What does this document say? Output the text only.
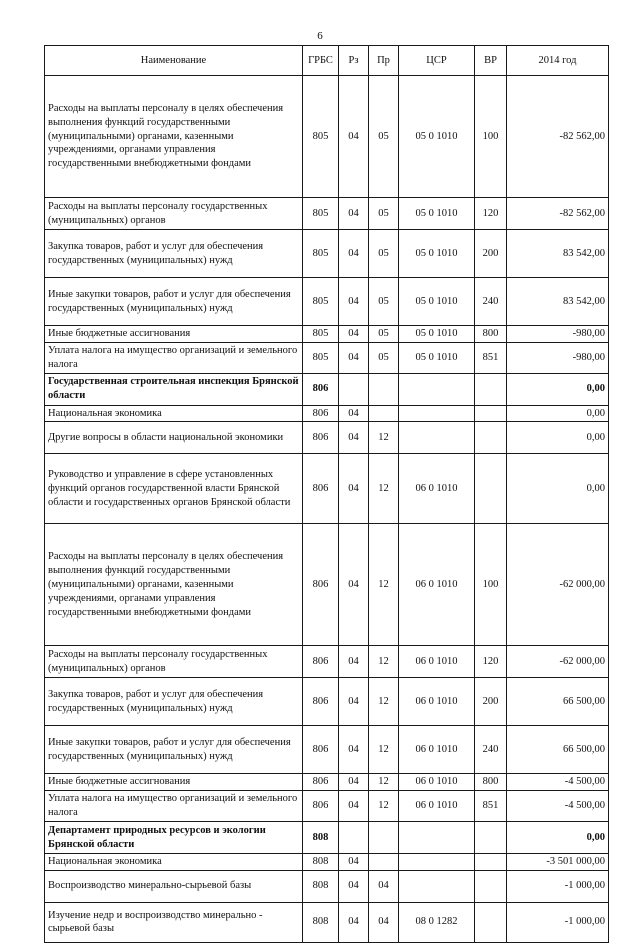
6
Наименование	ГРБС	Рз	Пр	ЦСР	ВР	2014 год
Расходы на выплаты персоналу в целях обеспечения выполнения функций государственными (муниципальными) органами, казенными учреждениями, органами управления государственными внебюджетными фондами	805	04	05	05 0 1010	100	-82 562,00
Расходы на выплаты персоналу государственных (муниципальных) органов	805	04	05	05 0 1010	120	-82 562,00
Закупка товаров, работ и услуг для обеспечения государственных (муниципальных) нужд	805	04	05	05 0 1010	200	83 542,00
Иные закупки товаров, работ и услуг для обеспечения государственных (муниципальных) нужд	805	04	05	05 0 1010	240	83 542,00
Иные бюджетные ассигнования	805	04	05	05 0 1010	800	-980,00
Уплата налога на имущество организаций и земельного налога	805	04	05	05 0 1010	851	-980,00
Государственная строительная инспекция Брянской области	806					0,00
Национальная экономика	806	04				0,00
Другие вопросы в области национальной экономики	806	04	12			0,00
Руководство и управление в сфере установленных функций органов государственной власти Брянской области и государственных органов Брянской области	806	04	12	06 0 1010		0,00
Расходы на выплаты персоналу в целях обеспечения выполнения функций государственными (муниципальными) органами, казенными учреждениями, органами управления государственными внебюджетными фондами	806	04	12	06 0 1010	100	-62 000,00
Расходы на выплаты персоналу государственных (муниципальных) органов	806	04	12	06 0 1010	120	-62 000,00
Закупка товаров, работ и услуг для обеспечения государственных (муниципальных) нужд	806	04	12	06 0 1010	200	66 500,00
Иные закупки товаров, работ и услуг для обеспечения государственных (муниципальных) нужд	806	04	12	06 0 1010	240	66 500,00
Иные бюджетные ассигнования	806	04	12	06 0 1010	800	-4 500,00
Уплата налога на имущество организаций и земельного налога	806	04	12	06 0 1010	851	-4 500,00
Департамент природных ресурсов и экологии Брянской области	808					0,00
Национальная экономика	808	04				-3 501 000,00
Воспроизводство минерально-сырьевой базы	808	04	04			-1 000,00
Изучение недр и воспроизводство минерально - сырьевой базы	808	04	04	08 0 1282		-1 000,00
